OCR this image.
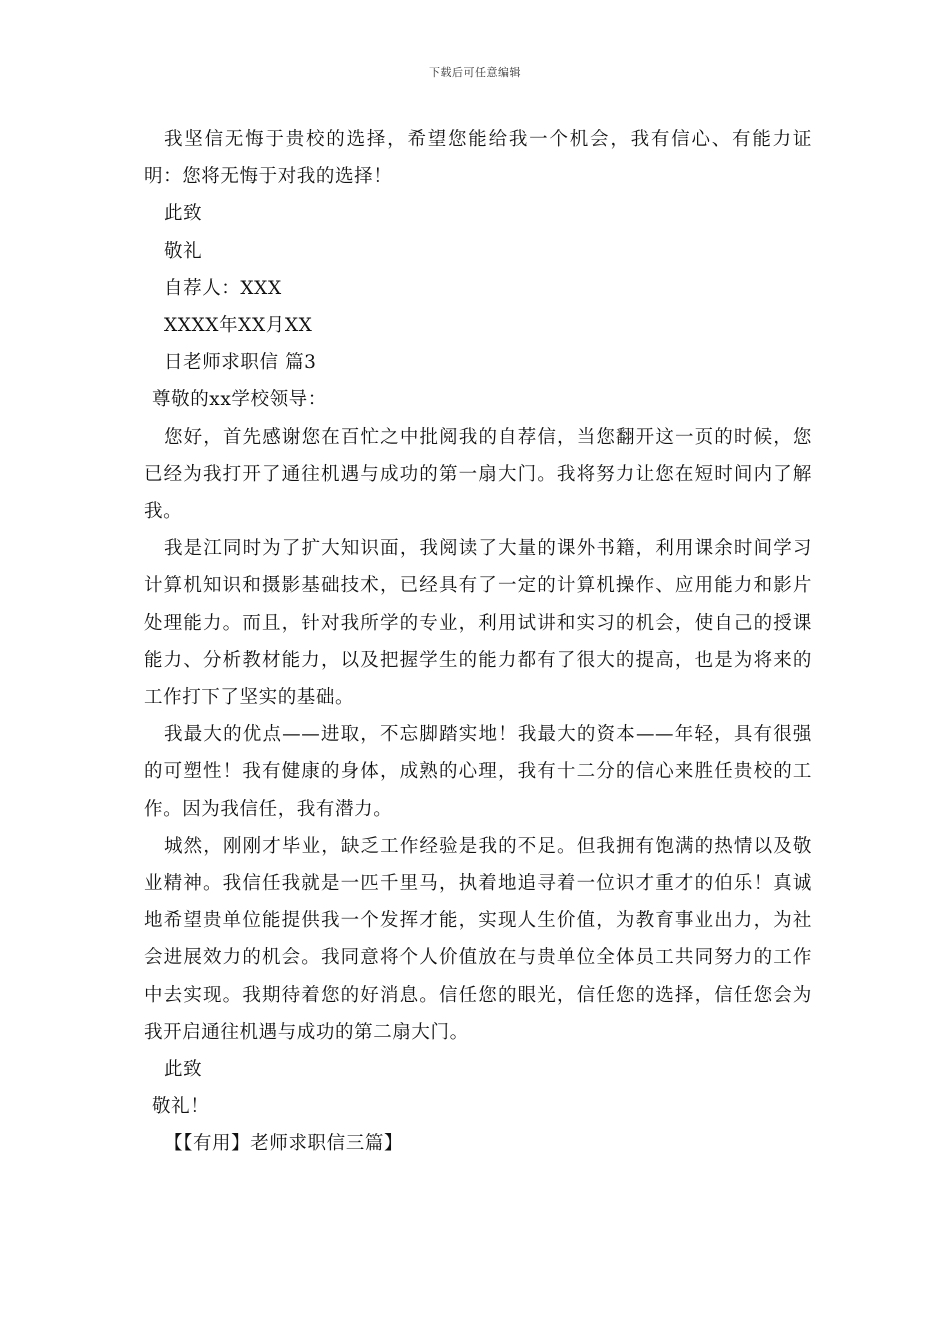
下载后可任意编辑

我坚信无悔于贵校的选择，希望您能给我一个机会，我有信心、有能力证明：您将无悔于对我的选择！

此致

敬礼

自荐人：XXX

XXXX年XX月XX

日老师求职信 篇3

尊敬的xx学校领导：

您好，首先感谢您在百忙之中批阅我的自荐信，当您翻开这一页的时候，您已经为我打开了通往机遇与成功的第一扇大门。我将努力让您在短时间内了解我。

我是江同时为了扩大知识面，我阅读了大量的课外书籍，利用课余时间学习计算机知识和摄影基础技术，已经具有了一定的计算机操作、应用能力和影片处理能力。而且，针对我所学的专业，利用试讲和实习的机会，使自己的授课能力、分析教材能力，以及把握学生的能力都有了很大的提高，也是为将来的工作打下了坚实的基础。

我最大的优点——进取，不忘脚踏实地！我最大的资本——年轻，具有很强的可塑性！我有健康的身体，成熟的心理，我有十二分的信心来胜任贵校的工作。因为我信任，我有潜力。

城然，刚刚才毕业，缺乏工作经验是我的不足。但我拥有饱满的热情以及敬业精神。我信任我就是一匹千里马，执着地追寻着一位识才重才的伯乐！真诚地希望贵单位能提供我一个发挥才能，实现人生价值，为教育事业出力，为社会进展效力的机会。我同意将个人价值放在与贵单位全体员工共同努力的工作中去实现。我期待着您的好消息。信任您的眼光，信任您的选择，信任您会为我开启通往机遇与成功的第二扇大门。

此致

敬礼！

【【有用】老师求职信三篇】
